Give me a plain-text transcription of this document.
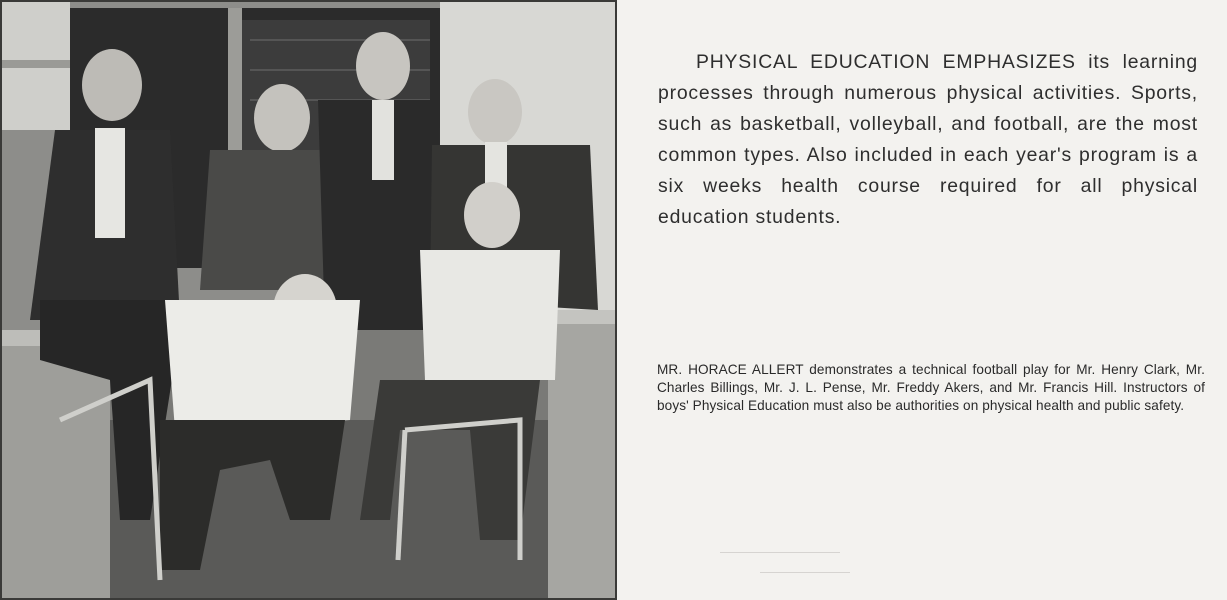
PHYSICAL EDUCATION EMPHASIZES its learning processes through numerous physical activities. Sports, such as basketball, volleyball, and football, are the most common types. Also included in each year's program is a six weeks health course required for all physical education students.

MR. HORACE ALLERT demonstrates a technical football play for Mr. Henry Clark, Mr. Charles Billings, Mr. J. L. Pense, Mr. Freddy Akers, and Mr. Francis Hill. Instructors of boys' Physical Education must also be authorities on physical health and public safety.
